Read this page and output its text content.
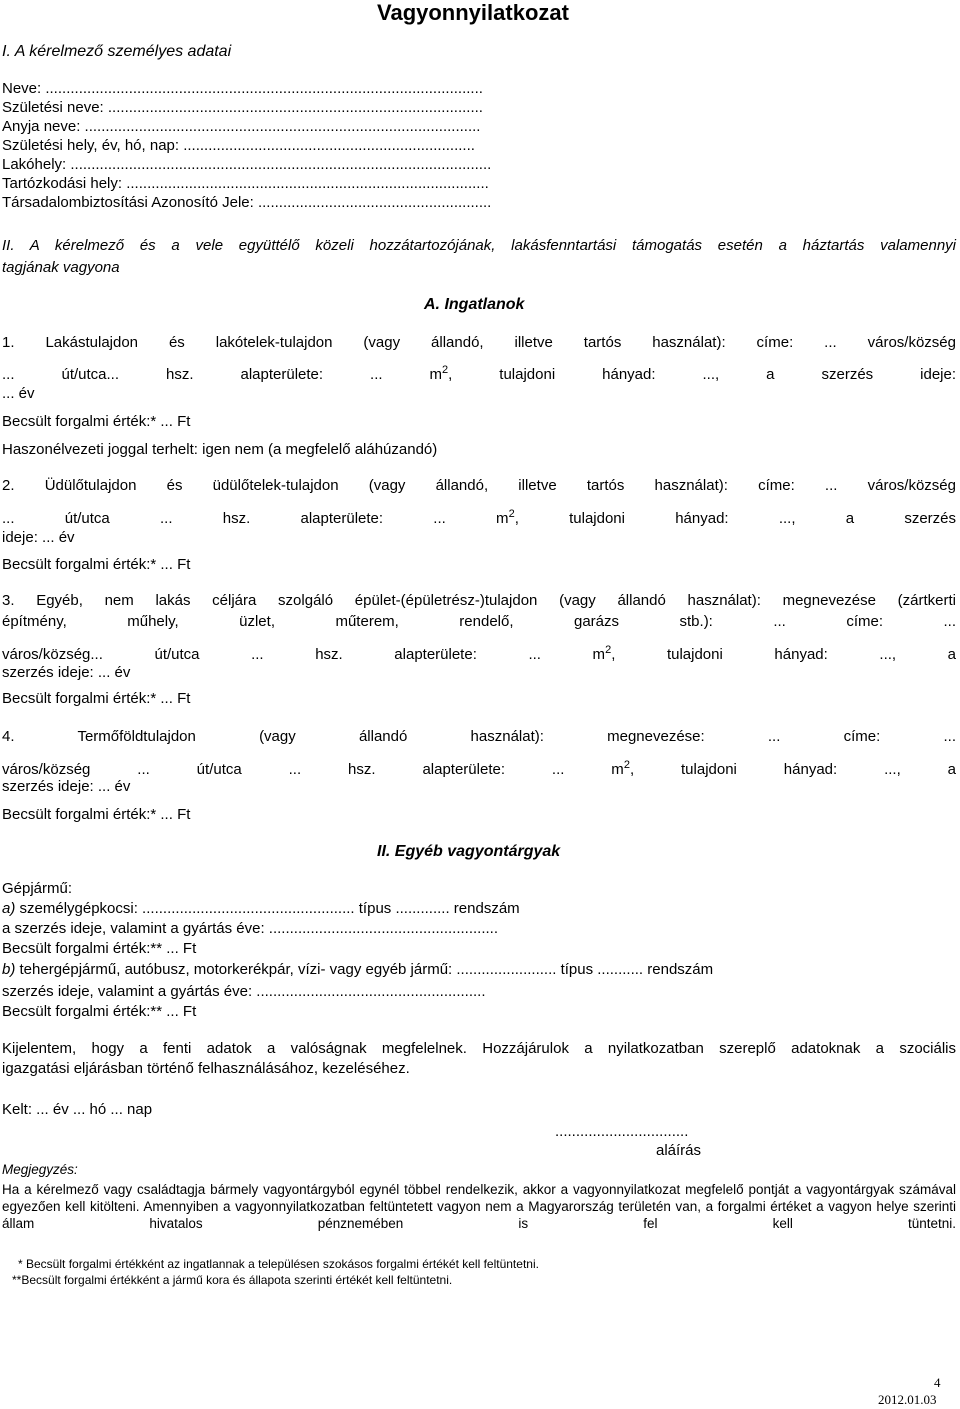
Vagyonnyilatkozat
I. A kérelmező személyes adatai
Neve: .........................................................................................................
Születési neve: ..........................................................................................
Anyja neve: ...............................................................................................
Születési hely, év, hó, nap: ......................................................................
Lakóhely: .....................................................................................................
Tartózkodási hely: .......................................................................................
Társadalombiztosítási Azonosító Jele: ........................................................
II. A kérelmező és a vele együttélő közeli hozzátartozójának, lakásfenntartási támogatás esetén a háztartás valamennyi
tagjának vagyona
A. Ingatlanok
1. Lakástulajdon és lakótelek-tulajdon (vagy állandó, illetve tartós használat): címe: ... város/község
... út/utca... hsz. alapterülete: ... $m^2$, tulajdoni hányad: ..., a szerzés ideje:
... év
Becsült forgalmi érték:* ... Ft
Haszonélvezeti joggal terhelt: igen nem (a megfelelő aláhúzandó)
2. Üdülőtulajdon és üdülőtelek-tulajdon (vagy állandó, illetve tartós használat): címe: ... város/község
... út/utca ... hsz. alapterülete: ... $m^2$, tulajdoni hányad: ..., a szerzés
ideje: ... év
Becsült forgalmi érték:* ... Ft
3. Egyéb, nem lakás céljára szolgáló épület-(épületrész-)tulajdon (vagy állandó használat): megnevezése (zártkerti
építmény, műhely, üzlet, műterem, rendelő, garázs stb.): ... címe: ...
város/község... út/utca ... hsz. alapterülete: ... $m^2$, tulajdoni hányad: ..., a
szerzés ideje: ... év
Becsült forgalmi érték:* ... Ft
4. Termőföldtulajdon (vagy állandó használat): megnevezése: ... címe: ...
város/község ... út/utca ... hsz. alapterülete: ... $m^2$, tulajdoni hányad: ..., a
szerzés ideje: ... év
Becsült forgalmi érték:* ... Ft
II. Egyéb vagyontárgyak
Gépjármű:
a) személygépkocsi: ................................................... típus ............. rendszám
a szerzés ideje, valamint a gyártás éve: .......................................................
Becsült forgalmi érték:** ... Ft
b) tehergépjármű, autóbusz, motorkerékpár, vízi- vagy egyéb jármű: ........................ típus ........... rendszám
szerzés ideje, valamint a gyártás éve: .......................................................
Becsült forgalmi érték:** ... Ft
Kijelentem, hogy a fenti adatok a valóságnak megfelelnek. Hozzájárulok a nyilatkozatban szereplő adatoknak a szociális
igazgatási eljárásban történő felhasználásához, kezeléséhez.
Kelt: ... év ... hó ... nap
................................
aláírás
Megjegyzés:
Ha a kérelmező vagy családtagja bármely vagyontárgyból egynél többel rendelkezik, akkor a vagyonnyilatkozat megfelelő pontját a vagyontárgyak számával egyezően kell kitölteni. Amennyiben a vagyonnyilatkozatban feltüntetett vagyon nem a Magyarország területén van, a forgalmi értéket a vagyon helye szerinti állam hivatalos pénznemében is fel kell tüntetni.
* Becsült forgalmi értékként az ingatlannak a településen szokásos forgalmi értékét kell feltüntetni.
**Becsült forgalmi értékként a jármű kora és állapota szerinti értékét kell feltüntetni.
4
2012.01.03
